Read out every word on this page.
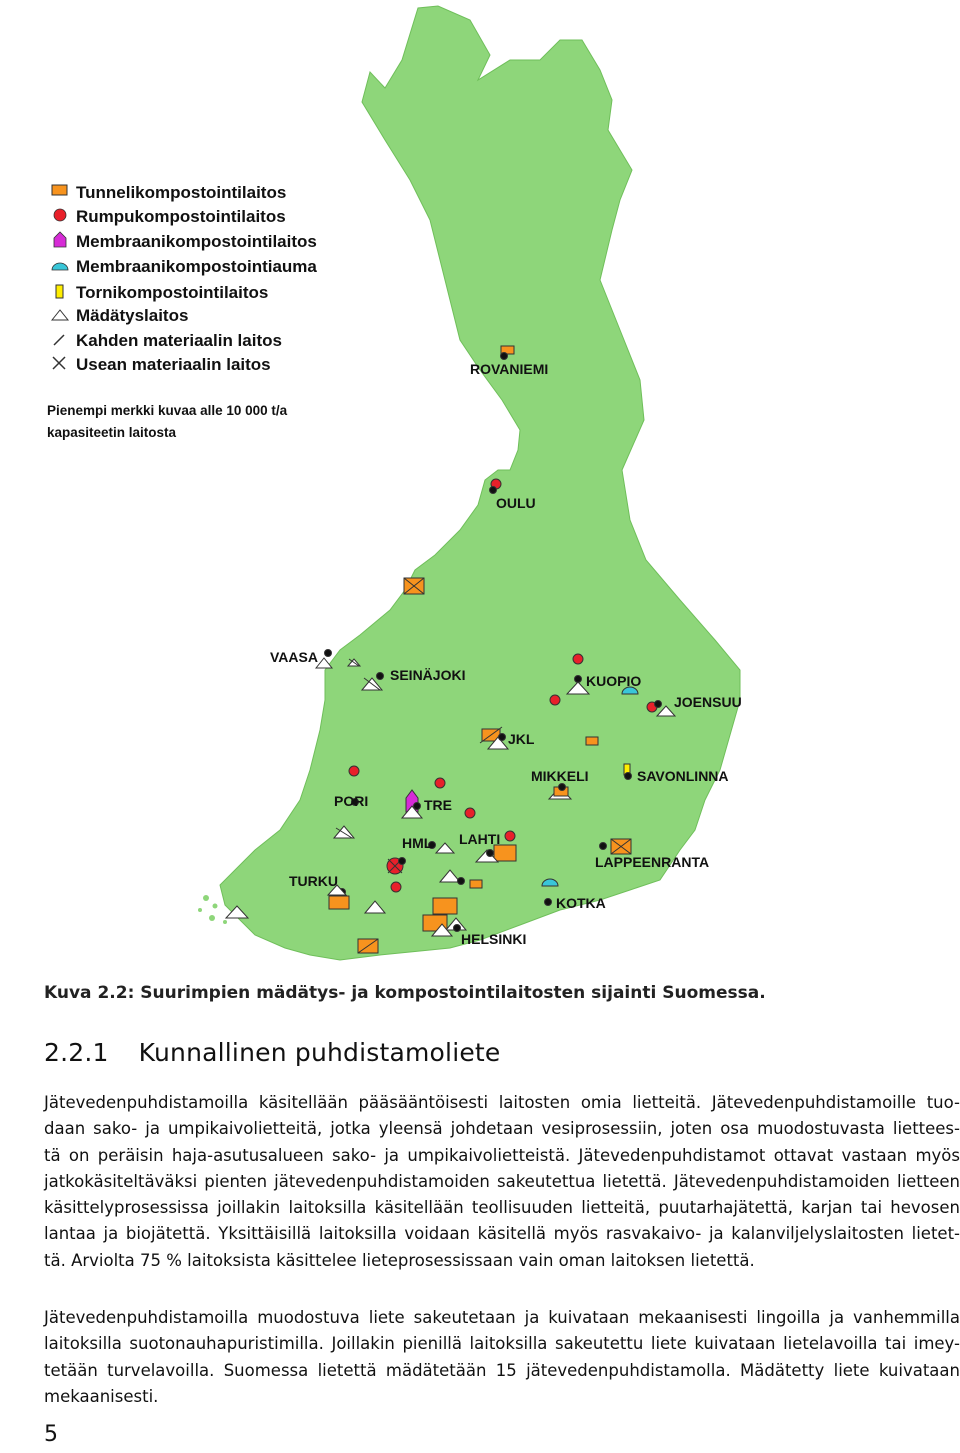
Tunnelikompostointilaitos
Rumpukompostointilaitos
Membraanikompostointilaitos
Membraanikompostointiauma
Tornikompostointilaitos
Mädätyslaitos
Kahden materiaalin laitos
Usean materiaalin laitos
Pienempi merkki kuvaa alle 10 000 t/a
kapasiteetin laitosta
ROVANIEMI
OULU
VAASA
SEINÄJOKI	KUOPIO
JOENSUU
JKL
MIKKELI	SAVONLINNA
PORI	TRE
HML LAHTI
LAPPEENRANTA
TURKU
KOTKA
HELSINKI
Kuva 2.2: Suurimpien mädätys- ja kompostointilaitosten sijainti Suomessa.
2.2.1 Kunnallinen puhdistamoliete
Jätevedenpuhdistamoilla käsitellään pääsääntöisesti laitosten omia lietteitä. Jätevedenpuhdistamoille tuo-
daan sako- ja umpikaivolietteitä, jotka yleensä johdetaan vesiprosessiin, joten osa muodostuvasta liettees-
tä on peräisin haja-asutusalueen sako- ja umpikaivolietteistä. Jätevedenpuhdistamot ottavat vastaan myös
jatkokäsiteltäväksi pienten jätevedenpuhdistamoiden sakeutettua lietettä. Jätevedenpuhdistamoiden lietteen
käsittelyprosessissa joillakin laitoksilla käsitellään teollisuuden lietteitä, puutarhajätettä, karjan tai hevosen
lantaa ja biojätettä. Yksittäisillä laitoksilla voidaan käsitellä myös rasvakaivo- ja kalanviljelyslaitosten lietet-
tä. Arviolta 75 % laitoksista käsittelee lieteprosessissaan vain oman laitoksen lietettä.
Jätevedenpuhdistamoilla muodostuva liete sakeutetaan ja kuivataan mekaanisesti lingoilla ja vanhemmilla
laitoksilla suotonauhapuristimilla. Joillakin pienillä laitoksilla sakeutettu liete kuivataan lietelavoilla tai imey-
tetään turvelavoilla. Suomessa lietettä mädätetään 15 jätevedenpuhdistamolla. Mädätetty liete kuivataan
mekaanisesti.
5
